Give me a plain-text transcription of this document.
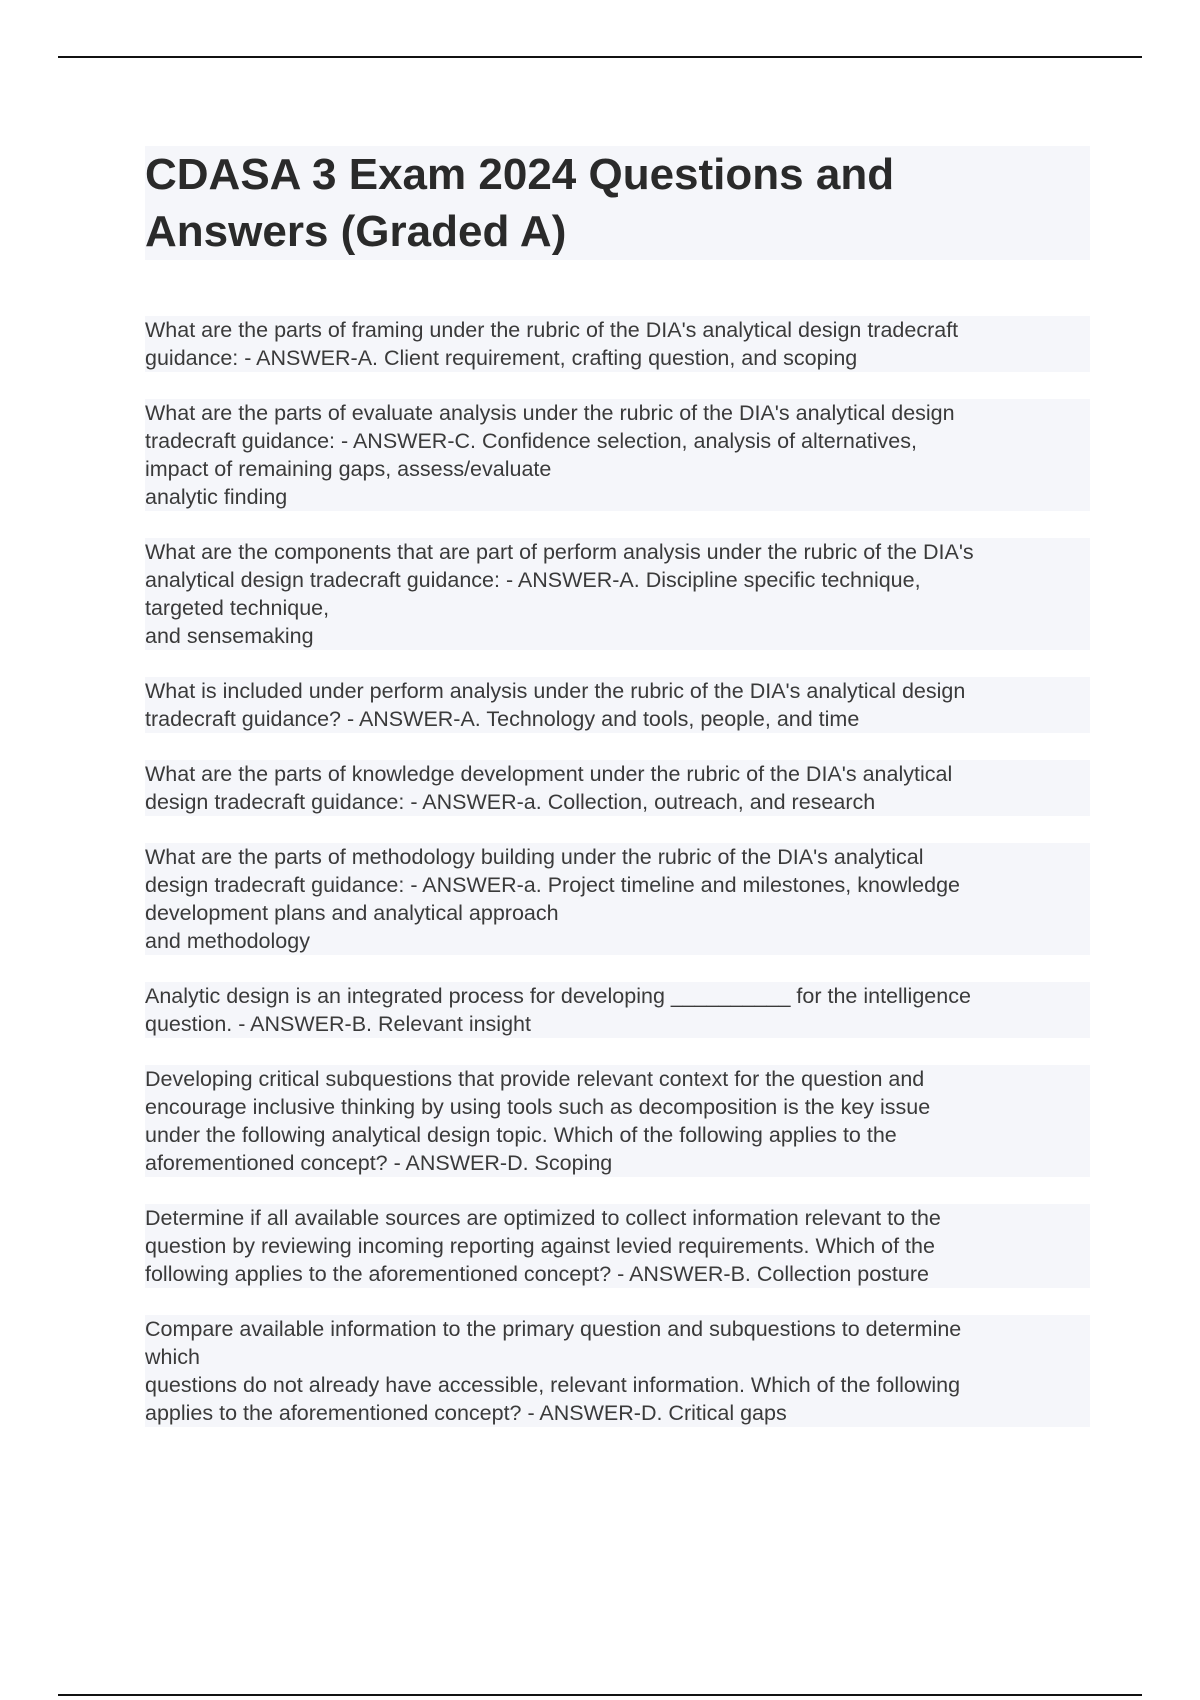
CDASA 3 Exam 2024 Questions and
Answers (Graded A)
What are the parts of framing under the rubric of the DIA's analytical design tradecraft
guidance: - ANSWER-A. Client requirement, crafting question, and scoping
What are the parts of evaluate analysis under the rubric of the DIA's analytical design
tradecraft guidance: - ANSWER-C. Confidence selection, analysis of alternatives,
impact of remaining gaps, assess/evaluate
analytic finding
What are the components that are part of perform analysis under the rubric of the DIA's
analytical design tradecraft guidance: - ANSWER-A. Discipline specific technique,
targeted technique,
and sensemaking
What is included under perform analysis under the rubric of the DIA's analytical design
tradecraft guidance? - ANSWER-A. Technology and tools, people, and time
What are the parts of knowledge development under the rubric of the DIA's analytical
design tradecraft guidance: - ANSWER-a. Collection, outreach, and research
What are the parts of methodology building under the rubric of the DIA's analytical
design tradecraft guidance: - ANSWER-a. Project timeline and milestones, knowledge
development plans and analytical approach
and methodology
Analytic design is an integrated process for developing __________ for the intelligence
question. - ANSWER-B. Relevant insight
Developing critical subquestions that provide relevant context for the question and
encourage inclusive thinking by using tools such as decomposition is the key issue
under the following analytical design topic. Which of the following applies to the
aforementioned concept? - ANSWER-D. Scoping
Determine if all available sources are optimized to collect information relevant to the
question by reviewing incoming reporting against levied requirements. Which of the
following applies to the aforementioned concept? - ANSWER-B. Collection posture
Compare available information to the primary question and subquestions to determine
which
questions do not already have accessible, relevant information. Which of the following
applies to the aforementioned concept? - ANSWER-D. Critical gaps
